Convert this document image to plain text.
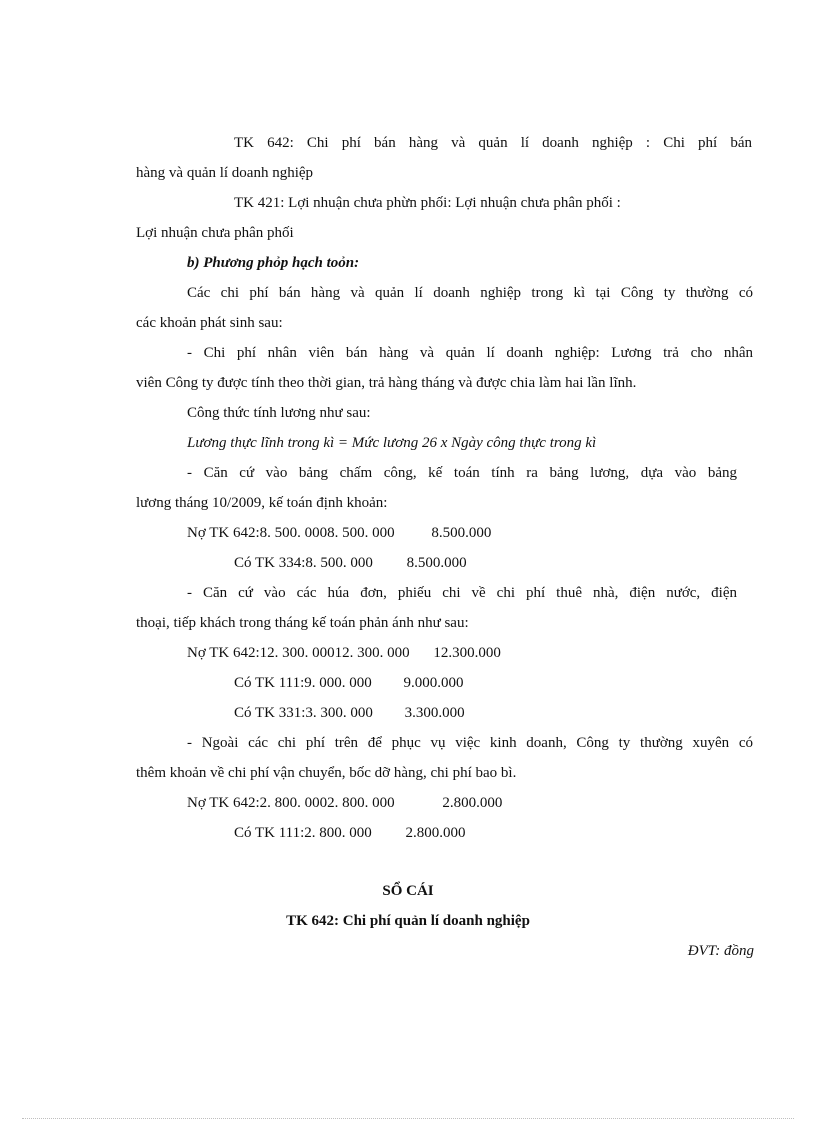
TK 642: Chi phí bán hàng và quản lí doanh nghiệp : Chi phí bán
hàng và quản lí doanh nghiệp
TK 421: Lợi nhuận chưa phừn phối: Lợi nhuận chưa phân phối :
Lợi nhuận chưa phân phối
b) Phương phỏp hạch toỏn:
Các chi phí bán hàng và quản lí doanh nghiệp trong kì tại Công ty thường có
các khoản phát sinh sau:
- Chi phí nhân viên bán hàng và quản lí doanh nghiệp: Lương trả cho nhân
viên Công ty được tính theo thời gian, trả hàng tháng và được chia làm hai lần lĩnh.
Công thức tính lương như sau:
Lương thực lĩnh trong kì = Mức lương 26 x Ngày công thực trong kì
- Căn cứ vào bảng chấm công, kế toán tính ra bảng lương, dựa vào bảng
lương tháng 10/2009, kế toán định khoản:
Nợ TK 642:8. 500. 0008. 500. 000 8.500.000
Có TK 334:8. 500. 000 8.500.000
- Căn cứ vào các húa đơn, phiếu chi về chi phí thuê nhà, điện nước, điện
thoại, tiếp khách trong tháng kế toán phản ánh như sau:
Nợ TK 642:12. 300. 00012. 300. 000 12.300.000
Có TK 111:9. 000. 000 9.000.000
Có TK 331:3. 300. 000 3.300.000
- Ngoài các chi phí trên để phục vụ việc kinh doanh, Công ty thường xuyên có
thêm khoản về chi phí vận chuyển, bốc dỡ hàng, chi phí bao bì.
Nợ TK 642:2. 800. 0002. 800. 000	2.800.000
Có TK 111:2. 800. 000 2.800.000
SỔ CÁI
TK 642: Chi phí quản lí doanh nghiệp
ĐVT: đồng
